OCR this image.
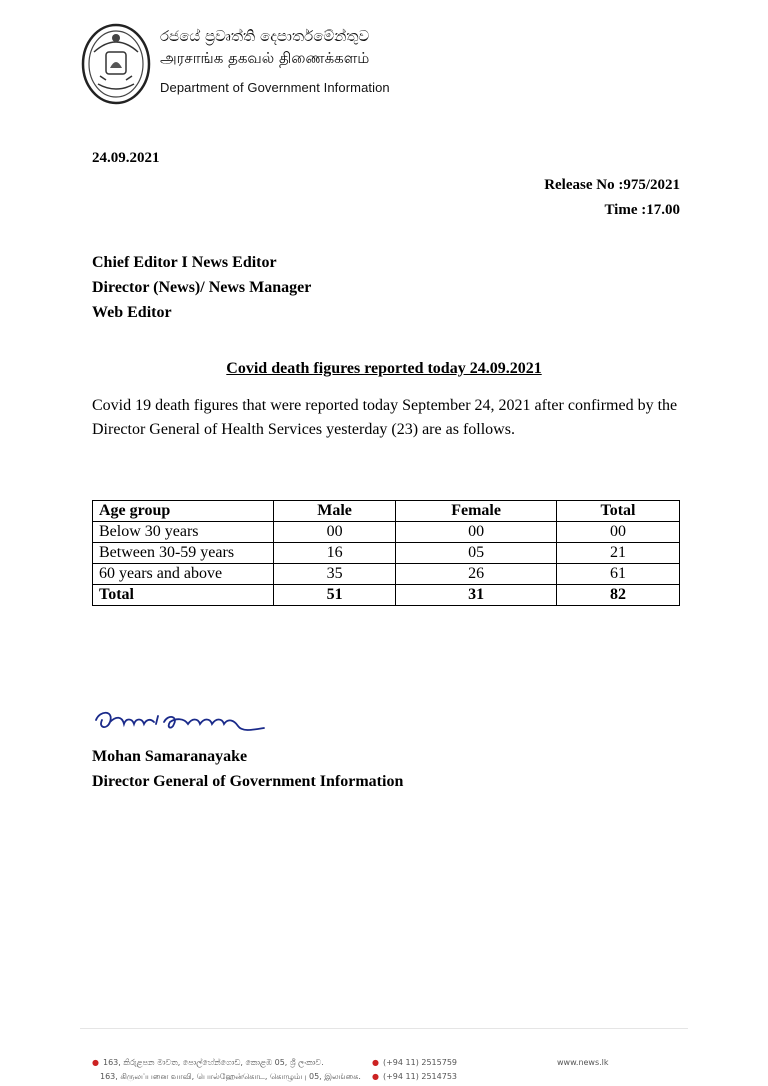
රජයේ ප්‍රවෘත්ති දෙපාර්තමේන්තුව
அரசாங்க தகவல் திணைக்களம்
Department of Government Information
24.09.2021
Release No :975/2021
Time :17.00
Chief Editor I News Editor
Director (News)/ News Manager
Web Editor
Covid death figures reported today 24.09.2021
Covid 19 death figures that were reported today September 24, 2021 after confirmed by the Director General of Health Services yesterday (23) are as follows.
Age group	Male	Female	Total
Below 30 years	00	00	00
Between 30-59 years	16	05	21
60 years and above	35	26	61
Total	51	31	82
Mohan Samaranayake
Director General of Government Information
● 163, කිරුළපන මාවත, පොල්හේන්ගොඩ, කොළඹ 05, ශ්‍රී ලංකාව.
163, கிருலப்பனை வாவி, பொல்ஹேன்கொட, கொழும்பு 05, இலங்கை.
● (+94 11) 2515759
● (+94 11) 2514753
www.news.lk
